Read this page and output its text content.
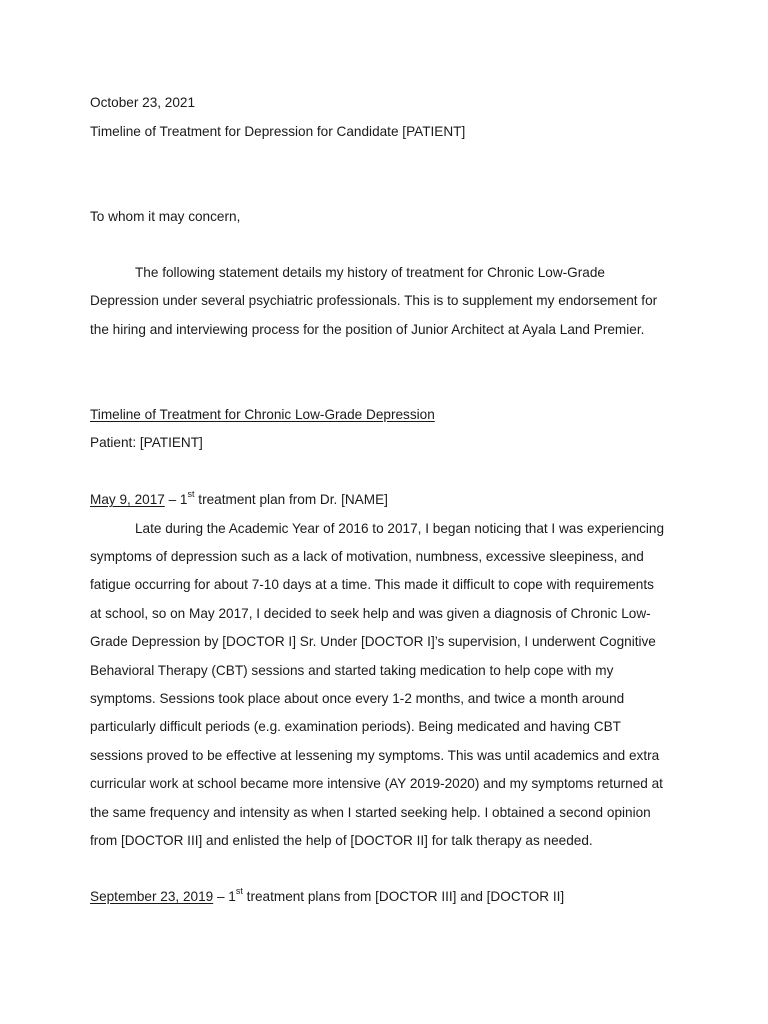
October 23, 2021
Timeline of Treatment for Depression for Candidate [PATIENT]
To whom it may concern,
The following statement details my history of treatment for Chronic Low-Grade
Depression under several psychiatric professionals. This is to supplement my endorsement for
the hiring and interviewing process for the position of Junior Architect at Ayala Land Premier.
Timeline of Treatment for Chronic Low-Grade Depression
Patient: [PATIENT]
May 9, 2017 – 1st treatment plan from Dr. [NAME]
Late during the Academic Year of 2016 to 2017, I began noticing that I was experiencing
symptoms of depression such as a lack of motivation, numbness, excessive sleepiness, and
fatigue occurring for about 7-10 days at a time. This made it difficult to cope with requirements
at school, so on May 2017, I decided to seek help and was given a diagnosis of Chronic Low-
Grade Depression by [DOCTOR I] Sr. Under [DOCTOR I]’s supervision, I underwent Cognitive
Behavioral Therapy (CBT) sessions and started taking medication to help cope with my
symptoms. Sessions took place about once every 1-2 months, and twice a month around
particularly difficult periods (e.g. examination periods). Being medicated and having CBT
sessions proved to be effective at lessening my symptoms. This was until academics and extra
curricular work at school became more intensive (AY 2019-2020) and my symptoms returned at
the same frequency and intensity as when I started seeking help. I obtained a second opinion
from [DOCTOR III] and enlisted the help of [DOCTOR II] for talk therapy as needed.
September 23, 2019 – 1st treatment plans from [DOCTOR III] and [DOCTOR II]
